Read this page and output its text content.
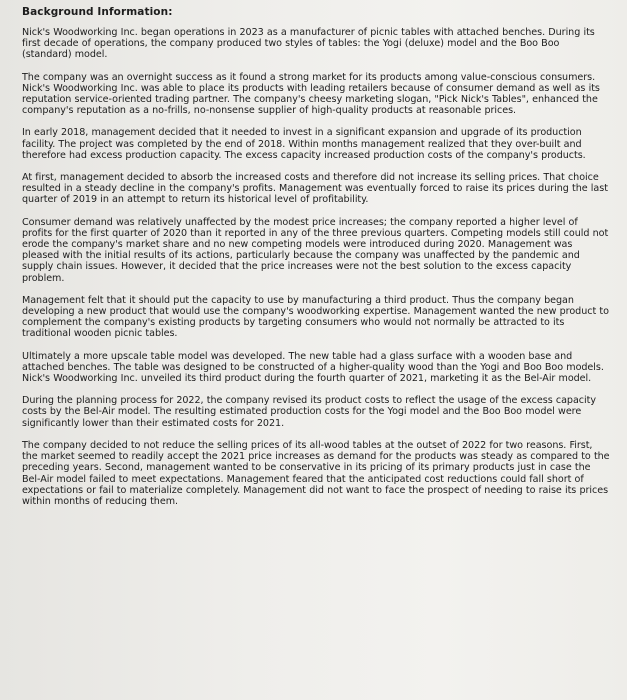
Background Information:

Nick's Woodworking Inc. began operations in 2023 as a manufacturer of picnic tables with attached benches. During its first decade of operations, the company produced two styles of tables: the Yogi (deluxe) model and the Boo Boo (standard) model.

The company was an overnight success as it found a strong market for its products among value-conscious consumers. Nick's Woodworking Inc. was able to place its products with leading retailers because of consumer demand as well as its reputation service-oriented trading partner. The company's cheesy marketing slogan, "Pick Nick's Tables", enhanced the company's reputation as a no-frills, no-nonsense supplier of high-quality products at reasonable prices.

In early 2018, management decided that it needed to invest in a significant expansion and upgrade of its production facility. The project was completed by the end of 2018. Within months management realized that they over-built and therefore had excess production capacity. The excess capacity increased production costs of the company's products.

At first, management decided to absorb the increased costs and therefore did not increase its selling prices. That choice resulted in a steady decline in the company's profits. Management was eventually forced to raise its prices during the last quarter of 2019 in an attempt to return its historical level of profitability.

Consumer demand was relatively unaffected by the modest price increases; the company reported a higher level of profits for the first quarter of 2020 than it reported in any of the three previous quarters. Competing models still could not erode the company's market share and no new competing models were introduced during 2020. Management was pleased with the initial results of its actions, particularly because the company was unaffected by the pandemic and supply chain issues. However, it decided that the price increases were not the best solution to the excess capacity problem.

Management felt that it should put the capacity to use by manufacturing a third product. Thus the company began developing a new product that would use the company's woodworking expertise. Management wanted the new product to complement the company's existing products by targeting consumers who would not normally be attracted to its traditional wooden picnic tables.

Ultimately a more upscale table model was developed. The new table had a glass surface with a wooden base and attached benches. The table was designed to be constructed of a higher-quality wood than the Yogi and Boo Boo models. Nick's Woodworking Inc. unveiled its third product during the fourth quarter of 2021, marketing it as the Bel-Air model.

During the planning process for 2022, the company revised its product costs to reflect the usage of the excess capacity costs by the Bel-Air model. The resulting estimated production costs for the Yogi model and the Boo Boo model were significantly lower than their estimated costs for 2021.

The company decided to not reduce the selling prices of its all-wood tables at the outset of 2022 for two reasons. First, the market seemed to readily accept the 2021 price increases as demand for the products was steady as compared to the preceding years. Second, management wanted to be conservative in its pricing of its primary products just in case the Bel-Air model failed to meet expectations. Management feared that the anticipated cost reductions could fall short of expectations or fail to materialize completely. Management did not want to face the prospect of needing to raise its prices within months of reducing them.
